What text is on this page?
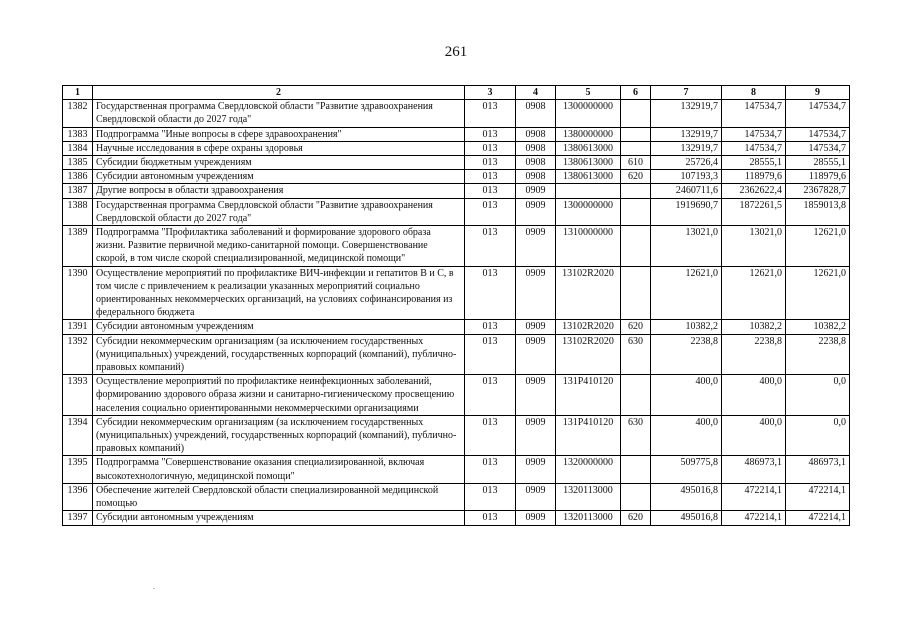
261
1	2	3	4	5	6	7	8	9
1382	Государственная программа Свердловской области "Развитие здравоохранения Свердловской области до 2027 года"	013	0908	1300000000		132919,7	147534,7	147534,7
1383	Подпрограмма "Иные вопросы в сфере здравоохранения"	013	0908	1380000000		132919,7	147534,7	147534,7
1384	Научные исследования в сфере охраны здоровья	013	0908	1380613000		132919,7	147534,7	147534,7
1385	Субсидии бюджетным учреждениям	013	0908	1380613000	610	25726,4	28555,1	28555,1
1386	Субсидии автономным учреждениям	013	0908	1380613000	620	107193,3	118979,6	118979,6
1387	Другие вопросы в области здравоохранения	013	0909			2460711,6	2362622,4	2367828,7
1388	Государственная программа Свердловской области "Развитие здравоохранения Свердловской области до 2027 года"	013	0909	1300000000		1919690,7	1872261,5	1859013,8
1389	Подпрограмма "Профилактика заболеваний и формирование здорового образа жизни. Развитие первичной медико-санитарной помощи. Совершенствование скорой, в том числе скорой специализированной, медицинской помощи"	013	0909	1310000000		13021,0	13021,0	12621,0
1390	Осуществление мероприятий по профилактике ВИЧ-инфекции и гепатитов В и С, в том числе с привлечением к реализации указанных мероприятий социально ориентированных некоммерческих организаций, на условиях софинансирования из федерального бюджета	013	0909	13102R2020		12621,0	12621,0	12621,0
1391	Субсидии автономным учреждениям	013	0909	13102R2020	620	10382,2	10382,2	10382,2
1392	Субсидии некоммерческим организациям (за исключением государственных (муниципальных) учреждений, государственных корпораций (компаний), публично-правовых компаний)	013	0909	13102R2020	630	2238,8	2238,8	2238,8
1393	Осуществление мероприятий по профилактике неинфекционных заболеваний, формированию здорового образа жизни и санитарно-гигиеническому просвещению населения социально ориентированными некоммерческими организациями	013	0909	131P410120		400,0	400,0	0,0
1394	Субсидии некоммерческим организациям (за исключением государственных (муниципальных) учреждений, государственных корпораций (компаний), публично-правовых компаний)	013	0909	131P410120	630	400,0	400,0	0,0
1395	Подпрограмма "Совершенствование оказания специализированной, включая высокотехнологичную, медицинской помощи"	013	0909	1320000000		509775,8	486973,1	486973,1
1396	Обеспечение жителей Свердловской области специализированной медицинской помощью	013	0909	1320113000		495016,8	472214,1	472214,1
1397	Субсидии автономным учреждениям	013	0909	1320113000	620	495016,8	472214,1	472214,1
.
